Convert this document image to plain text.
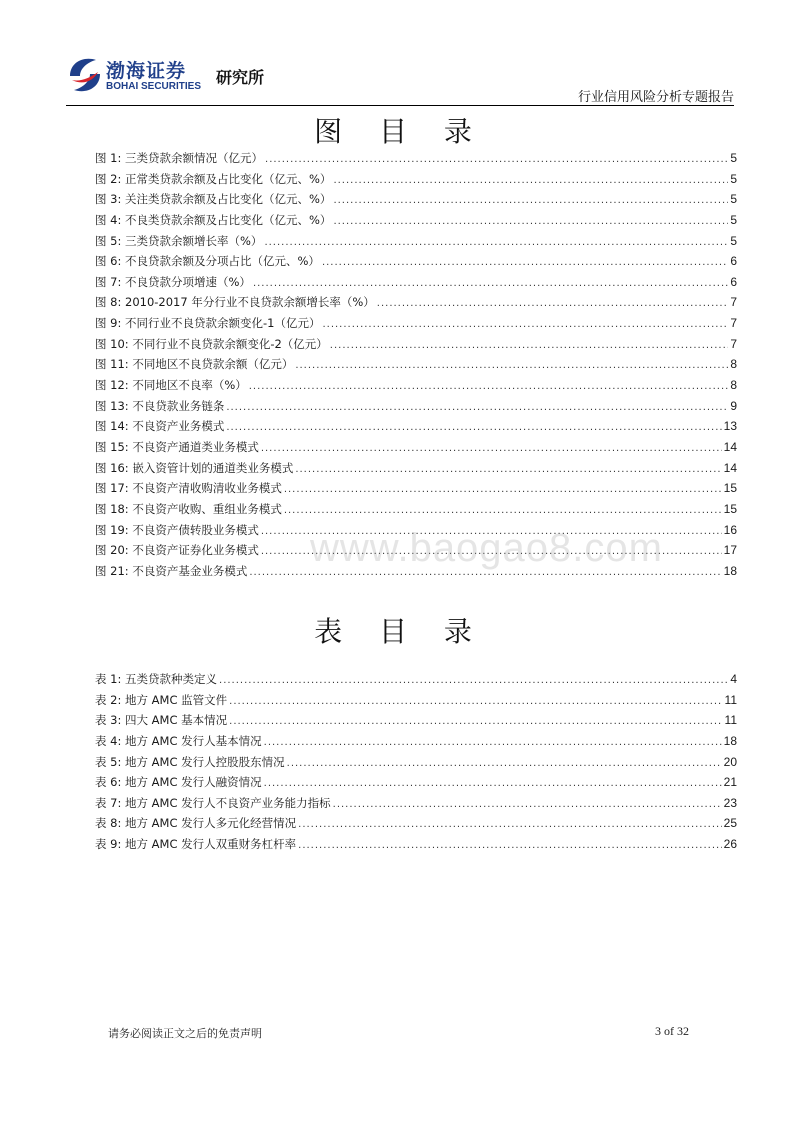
渤海证券
BOHAI SECURITIES 研究所
行业信用风险分析专题报告
图 目 录
图 1: 三类贷款余额情况（亿元） .....	5
图 2: 正常类贷款余额及占比变化（亿元、%） .....	5
图 3: 关注类贷款余额及占比变化（亿元、%） .....	5
图 4: 不良类贷款余额及占比变化（亿元、%） .....	5
图 5: 三类贷款余额增长率（%） .....	5
图 6: 不良贷款余额及分项占比（亿元、%） .....	6
图 7: 不良贷款分项增速（%） .....	6
图 8: 2010-2017 年分行业不良贷款余额增长率（%） .....	7
图 9: 不同行业不良贷款余额变化-1（亿元） .....	7
图 10: 不同行业不良贷款余额变化-2（亿元） .....	7
图 11: 不同地区不良贷款余额（亿元） .....	8
图 12: 不同地区不良率（%） .....	8
图 13: 不良贷款业务链条 .....	9
图 14: 不良资产业务模式 .....	13
图 15: 不良资产通道类业务模式 .....	14
图 16: 嵌入资管计划的通道类业务模式 .....	14
图 17: 不良资产清收购清收业务模式 .....	15
图 18: 不良资产收购、重组业务模式 .....	15
图 19: 不良资产债转股业务模式 .....	16
图 20: 不良资产证券化业务模式 .....	17
图 21: 不良资产基金业务模式 .....	18
www.baogao8.com
表 目 录
表 1: 五类贷款种类定义 .....	4
表 2: 地方 AMC 监管文件 .....	11
表 3: 四大 AMC 基本情况 .....	11
表 4: 地方 AMC 发行人基本情况 .....	18
表 5: 地方 AMC 发行人控股股东情况 .....	20
表 6: 地方 AMC 发行人融资情况 .....	21
表 7: 地方 AMC 发行人不良资产业务能力指标 .....	23
表 8: 地方 AMC 发行人多元化经营情况 .....	25
表 9: 地方 AMC 发行人双重财务杠杆率 .....	26
请务必阅读正文之后的免责声明	3 of 32
